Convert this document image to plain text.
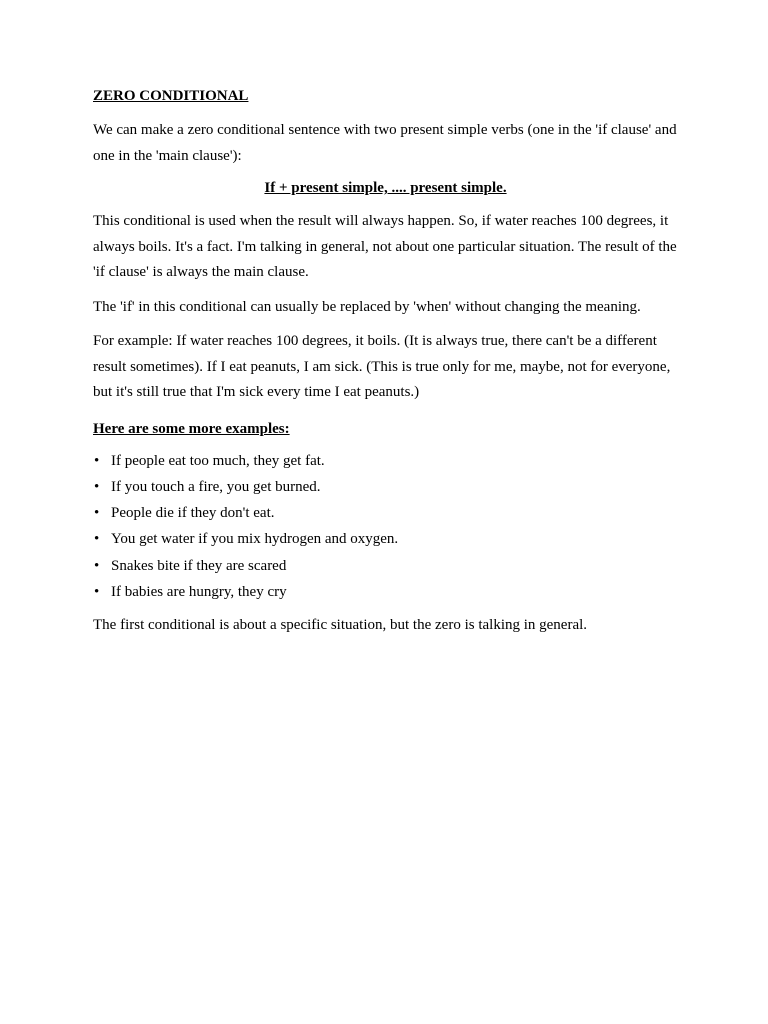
ZERO CONDITIONAL

We can make a zero conditional sentence with two present simple verbs (one in the 'if clause' and one in the 'main clause'):

If + present simple, .... present simple.

This conditional is used when the result will always happen. So, if water reaches 100 degrees, it always boils. It's a fact. I'm talking in general, not about one particular situation. The result of the 'if clause' is always the main clause.

The 'if' in this conditional can usually be replaced by 'when' without changing the meaning.

For example: If water reaches 100 degrees, it boils. (It is always true, there can't be a different result sometimes). If I eat peanuts, I am sick. (This is true only for me, maybe, not for everyone, but it's still true that I'm sick every time I eat peanuts.)

Here are some more examples:
• If people eat too much, they get fat.
• If you touch a fire, you get burned.
• People die if they don't eat.
• You get water if you mix hydrogen and oxygen.
• Snakes bite if they are scared
• If babies are hungry, they cry

The first conditional is about a specific situation, but the zero is talking in general.
